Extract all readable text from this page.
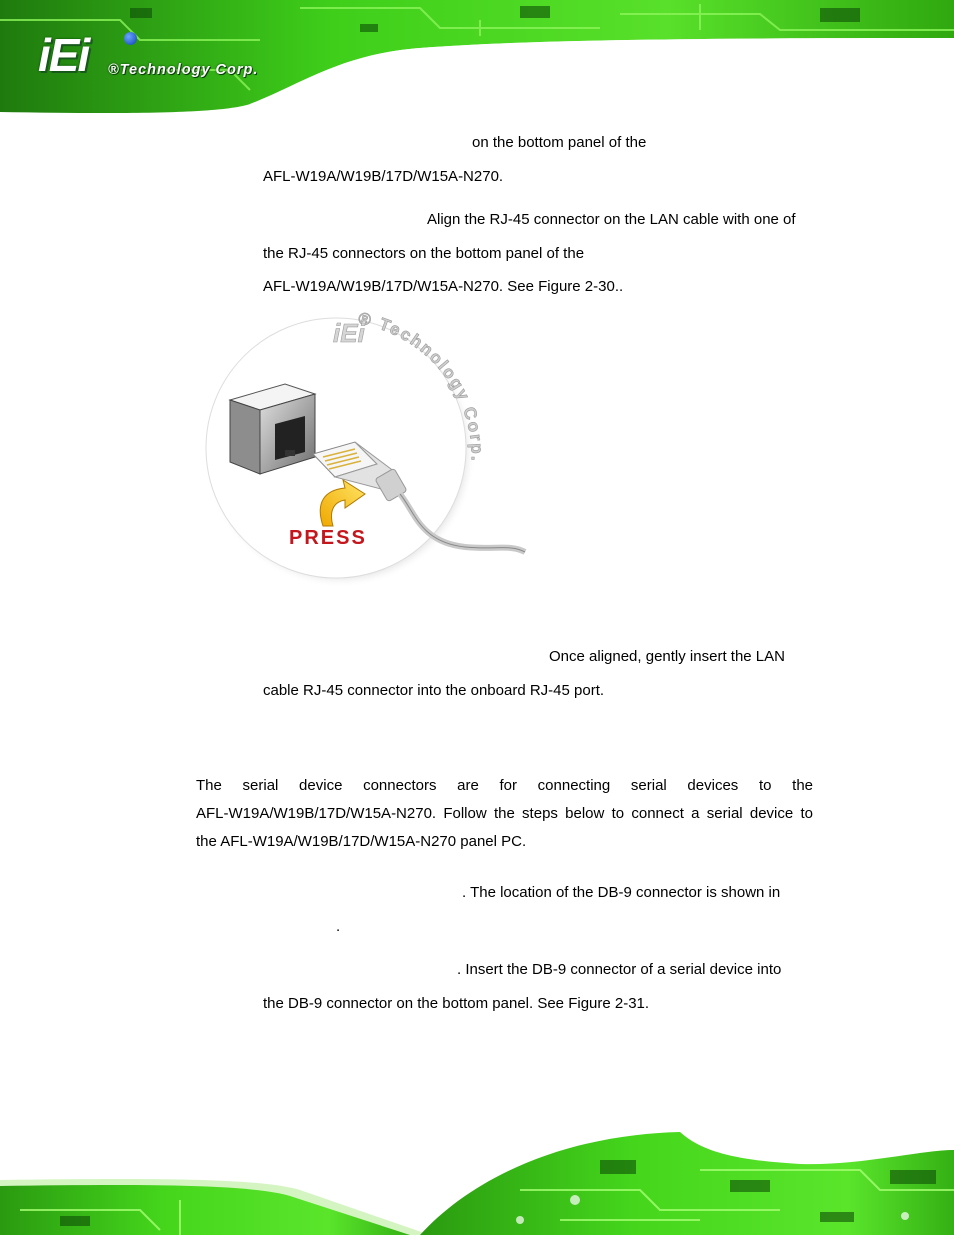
iEi ®Technology Corp.
on the bottom panel of the
AFL-W19A/W19B/17D/W15A-N270.
Align the RJ-45 connector on the LAN cable with one of
the RJ-45 connectors on the bottom panel of the
AFL-W19A/W19B/17D/W15A-N270. See Figure 2-30..
® Technology Corp.
iEi
PRESS
Once aligned, gently insert the LAN
cable RJ-45 connector into the onboard RJ-45 port.
The serial device connectors are for connecting serial devices to the
AFL-W19A/W19B/17D/W15A-N270. Follow the steps below to connect a serial device to
the AFL-W19A/W19B/17D/W15A-N270 panel PC.
. The location of the DB-9 connector is shown in
.
. Insert the DB-9 connector of a serial device into
the DB-9 connector on the bottom panel. See Figure 2-31.
